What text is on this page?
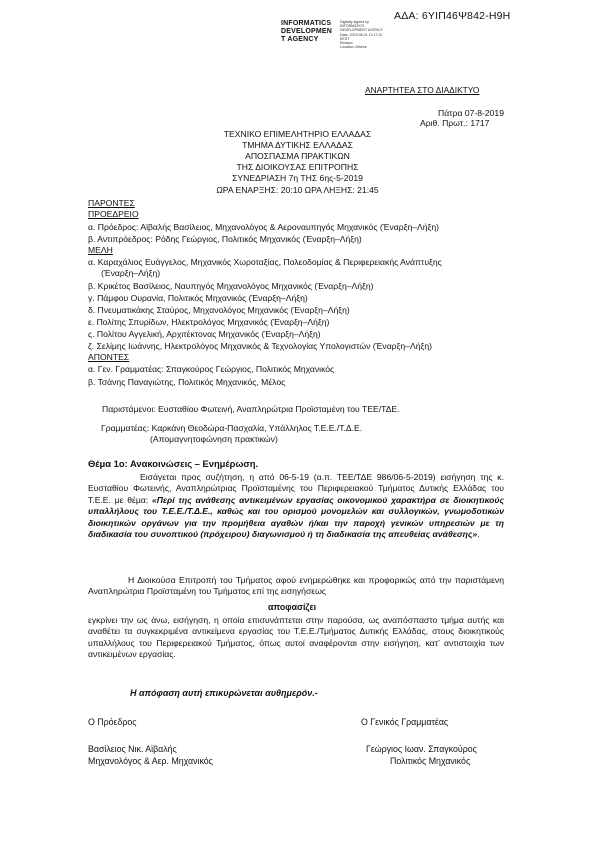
ΑΔΑ: 6ΥΙΠ46Ψ842-Η9Η
INFORMATICS
DEVELOPMEN
T AGENCY
Digitally signed by
INFORMATICS
DEVELOPMENT AGENCY
Date: 2019.08.21 11:17:12
EEST
Reason:
Location: Athens
ΑΝΑΡΤΗΤΕΑ ΣΤΟ ΔΙΑΔΙΚΤΥΟ
Πάτρα 07-8-2019
Αριθ. Πρωτ.: 1717
ΤΕΧΝΙΚΟ ΕΠΙΜΕΛΗΤΗΡΙΟ ΕΛΛΑΔΑΣ
ΤΜΗΜΑ ΔΥΤΙΚΗΣ ΕΛΛΑΔΑΣ
ΑΠΟΣΠΑΣΜΑ ΠΡΑΚΤΙΚΩΝ
ΤΗΣ ΔΙΟΙΚΟΥΣΑΣ ΕΠΙΤΡΟΠΗΣ
ΣΥΝΕΔΡΙΑΣΗ 7η ΤΗΣ 6ης-5-2019
ΩΡΑ ΕΝΑΡΞΗΣ: 20:10 ΩΡΑ ΛΗΞΗΣ: 21:45
ΠΑΡΟΝΤΕΣ
ΠΡΟΕΔΡΕΙΟ
α. Πρόεδρος: Αϊβαλής Βασίλειος, Μηχανολόγος & Αεροναυπηγός Μηχανικός (Έναρξη–Λήξη)
β. Αντιπρόεδρος: Ρόδης Γεώργιος, Πολιτικός Μηχανικός (Έναρξη–Λήξη)
ΜΕΛΗ
α. Καραχάλιος Ευάγγελος, Μηχανικός Χωροταξίας, Πολεοδομίας & Περιφερειακής Ανάπτυξης
(Έναρξη–Λήξη)
β. Κρικέτος Βασίλειος, Ναυπηγός Μηχανολόγος Μηχανικός (Έναρξη–Λήξη)
γ. Πάμφου Ουρανία, Πολιτικός Μηχανικός (Έναρξη–Λήξη)
δ. Πνευματικάκης Σταύρος, Μηχανολόγος Μηχανικός (Έναρξη–Λήξη)
ε. Πολίτης Σπυρίδων, Ηλεκτρολόγος Μηχανικός (Έναρξη–Λήξη)
ς. Πολίτου Αγγελική, Αρχιτέκτονας Μηχανικός (Έναρξη–Λήξη)
ζ. Σελίμης Ιωάννης, Ηλεκτρολόγος Μηχανικός & Τεχνολογίας Υπολογιστών (Έναρξη–Λήξη)
ΑΠΟΝΤΕΣ
α. Γεν. Γραμματέας: Σπαγκούρος Γεώργιος, Πολιτικός Μηχανικός
β. Τσάνης Παναγιώτης, Πολιτικός Μηχανικός, Μέλος
Παριστάμενοι: Ευσταθίου Φωτεινή, Αναπληρώτρια Προϊσταμένη του ΤΕΕ/ΤΔΕ.
Γραμματέας: Καρκάνη Θεοδώρα-Πασχαλία, Υπάλληλος Τ.Ε.Ε./Τ.Δ.Ε.
(Απομαγνητοφώνηση πρακτικών)
Θέμα 1ο: Ανακοινώσεις – Ενημέρωση.

Εισάγεται προς συζήτηση, η από 06-5-19 (α.π. ΤΕΕ/ΤΔΕ 986/06-5-2019) εισήγηση της κ. Ευσταθίου Φωτεινής, Αναπληρώτριας Προϊσταμένης του Περιφερειακού Τμήματος Δυτικής Ελλάδας του Τ.Ε.Ε. με θέμα: «Περί της ανάθεσης αντικειμένων εργασίας οικονομικού χαρακτήρα σε διοικητικούς υπαλλήλους του Τ.Ε.Ε./Τ.Δ.Ε., καθώς και του ορισμού μονομελών και συλλογικών, γνωμοδοτικών διοικητικών οργάνων για την προμήθεια αγαθών ή/και την παροχή γενικών υπηρεσιών με τη διαδικασία του συνοπτικού (πρόχειρου) διαγωνισμού ή τη διαδικασία της απευθείας ανάθεσης».

Η Διοικούσα Επιτροπή του Τμήματος αφού ενημερώθηκε και προφορικώς από την παριστάμενη Αναπληρώτρια Προϊσταμένη του Τμήματος επί της εισηγήσεως

αποφασίζει

εγκρίνει την ως άνω, εισήγηση, η οποία επισυνάπτεται στην παρούσα, ως αναπόσπαστο τμήμα αυτής και αναθέτει τα συγκεκριμένα αντικείμενα εργασίας του Τ.Ε.Ε./Τμήματος Δυτικής Ελλάδας, στους διοικητικούς υπαλλήλους του Περιφερειακού Τμήματος, όπως αυτοί αναφέρονται στην εισήγηση, κατ’ αντιστοιχία των αντικειμένων εργασίας.

Η απόφαση αυτή επικυρώνεται αυθημερόν.-
Ο Πρόεδρος	Ο Γενικός Γραμματέας
Βασίλειος Νικ. Αϊβαλής
Μηχανολόγος & Αερ. Μηχανικός
Γεώργιος Ιωαν. Σπαγκούρος
Πολιτικός Μηχανικός
